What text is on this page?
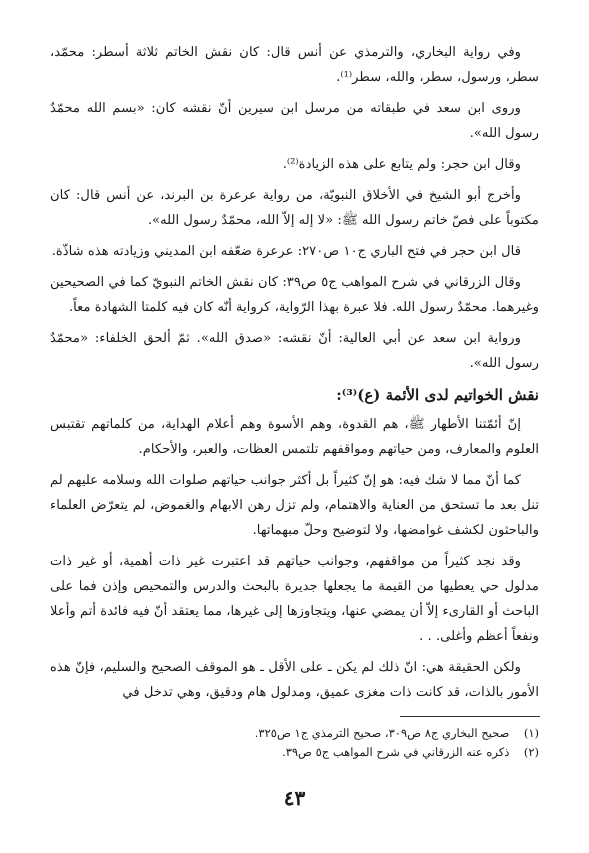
وفي رواية البخاري، والترمذي عن أنس قال: كان نقش الخاتم ثلاثة أسطر: محمّد، سطر، ورسول، سطر، والله، سطر⁽¹⁾.

وروى ابن سعد في طبقاته من مرسل ابن سيرين أنّ نقشه كان: «بسم الله محمّدٌ رسول الله».

وقال ابن حجر: ولم يتابع على هذه الزيادة⁽²⁾.

وأخرج أبو الشيخ في الأخلاق النبويّة، من رواية عرعرة بن البرند، عن أنس قال: كان مكتوباً على فصّ خاتم رسول الله ﷺ: «لا إله إلاّ الله، محمّدٌ رسول الله».

قال ابن حجر في فتح الباري ج١٠ ص٢٧٠: عرعرة ضعّفه ابن المديني وزيادته هذه شاذّة.

وقال الزرقاني في شرح المواهب ج٥ ص٣٩: كان نقش الخاتم النبويّ كما في الصحيحين وغيرهما. محمّدٌ رسول الله. فلا عبرة بهذا الرّواية، كرواية أنّه كان فيه كلمتا الشهادة معاً.

ورواية ابن سعد عن أبي العالية: أنّ نقشه: «صدق الله». ثمّ ألحق الخلفاء: «محمّدٌ رسول الله».

نقش الخواتيم لدى الأئمة (ع)⁽³⁾:

إنّ أئمّتنا الأطهار ﷺ، هم القدوة، وهم الأسوة وهم أعلام الهداية، من كلماتهم تقتبس العلوم والمعارف، ومن حياتهم ومواقفهم تلتمس العظات، والعبر، والأحكام.

كما أنّ مما لا شك فيه: هو إنّ كثيراً بل أكثر جوانب حياتهم صلوات الله وسلامه عليهم لم تنل بعد ما تستحق من العناية والاهتمام، ولم تزل رهن الابهام والغموض، لم يتعرّض العلماء والباحثون لكشف غوامضها، ولا لتوضيح وحلّ مبهماتها.

وقد نجد كثيراً من مواقفهم، وجوانب حياتهم قد اعتبرت غير ذات أهمية، أو غير ذات مدلول حي يعطيها من القيمة ما يجعلها جديرة بالبحث والدرس والتمحيص وإذن فما على الباحث أو القارىء إلاّ أن يمضي عنها، ويتجاوزها إلى غيرها، مما يعتقد أنّ فيه فائدة أتم وأعلا ونفعاً أعظم وأغلى. . .

ولكن الحقيقة هي: انّ ذلك لم يكن ـ على الأقل ـ هو الموقف الصحيح والسليم، فإنّ هذه الأمور بالذات، قد كانت ذات مغزى عميق، ومدلول هام ودقيق، وهي تدخل في

(١) صحيح البخاري ج٨ ص٣٠٩، صحيح الترمذي ج١ ص٣٢٥.

(٢) ذكره عنه الزرقاني في شرح المواهب ج٥ ص٣٩.

٤٣
